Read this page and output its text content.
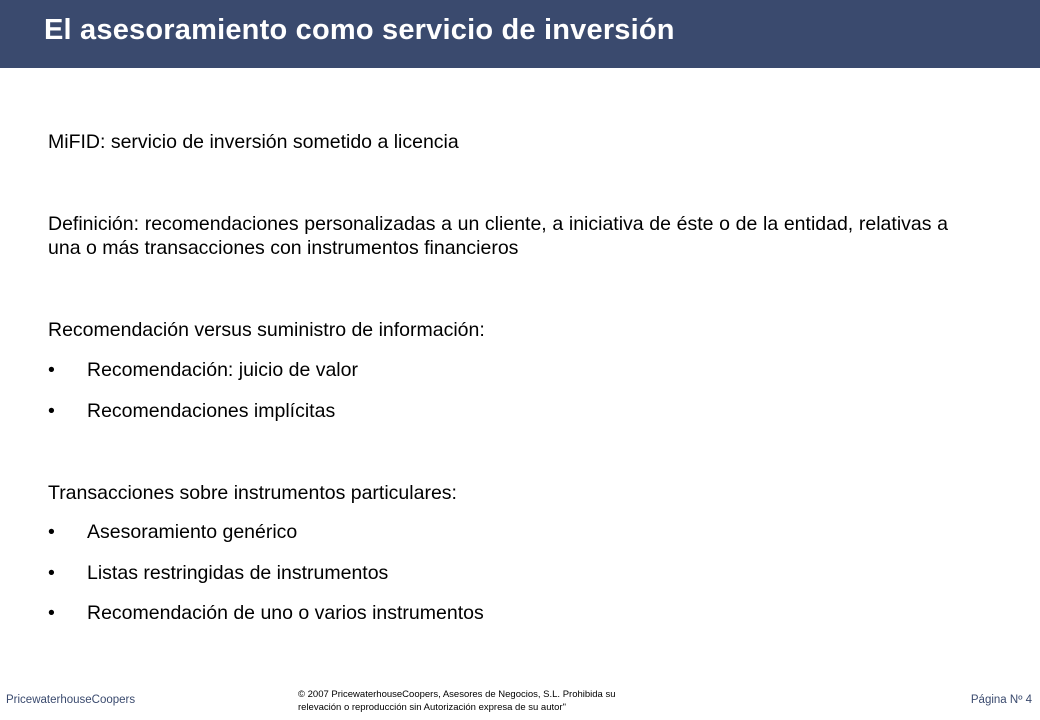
El asesoramiento como servicio de inversión
MiFID: servicio de inversión sometido a licencia
Definición: recomendaciones personalizadas a un cliente, a iniciativa de éste o de la entidad, relativas a una o más transacciones con instrumentos financieros
Recomendación versus suministro de información:
• Recomendación: juicio de valor
• Recomendaciones implícitas
Transacciones sobre instrumentos particulares:
• Asesoramiento genérico
• Listas restringidas de instrumentos
• Recomendación de uno o varios instrumentos
PricewaterhouseCoopers	© 2007 PricewaterhouseCoopers, Asesores de Negocios, S.L. Prohibida su
relevación o reproducción sin Autorización expresa de su autor"
Página Nº 4
